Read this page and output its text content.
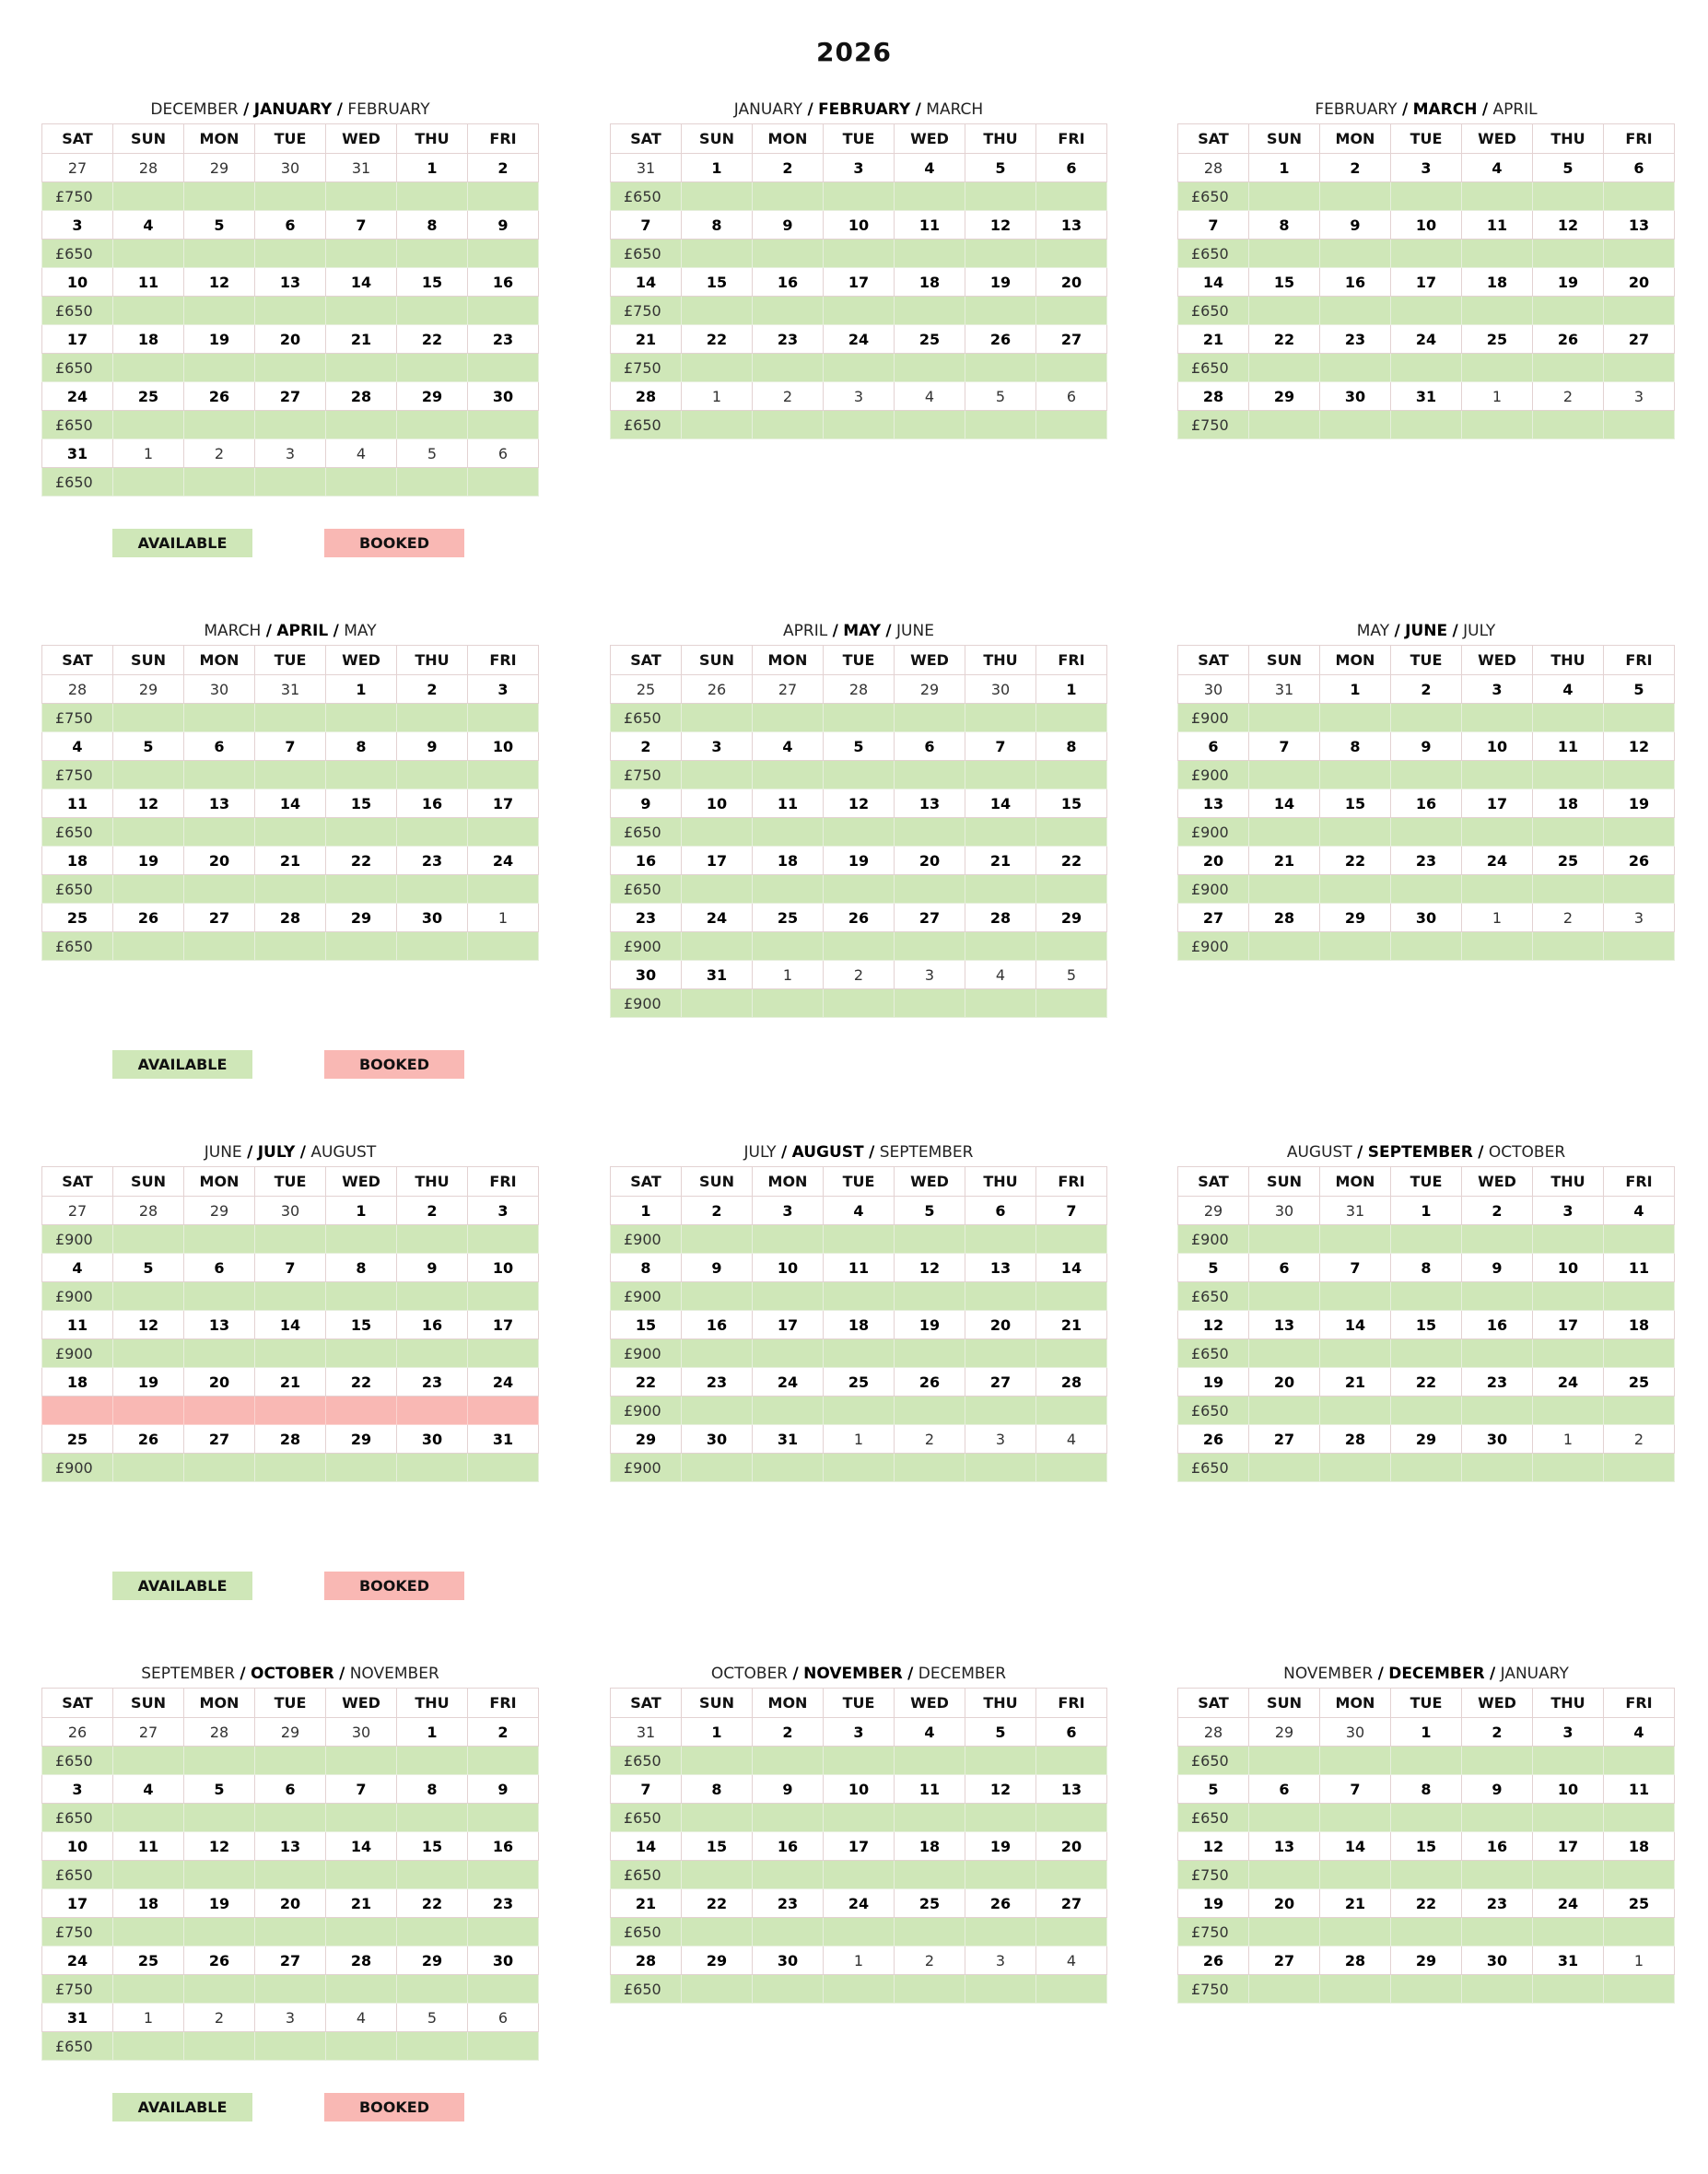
2026
DECEMBER / JANUARY / FEBRUARY
SAT	SUN	MON	TUE	WED	THU	FRI
27	28	29	30	31	1	2
£750						
3	4	5	6	7	8	9
£650						
10	11	12	13	14	15	16
£650						
17	18	19	20	21	22	23
£650						
24	25	26	27	28	29	30
£650						
31	1	2	3	4	5	6
£650						
JANUARY / FEBRUARY / MARCH
SAT	SUN	MON	TUE	WED	THU	FRI
31	1	2	3	4	5	6
£650						
7	8	9	10	11	12	13
£650						
14	15	16	17	18	19	20
£750						
21	22	23	24	25	26	27
£750						
28	1	2	3	4	5	6
£650						
FEBRUARY / MARCH / APRIL
SAT	SUN	MON	TUE	WED	THU	FRI
28	1	2	3	4	5	6
£650						
7	8	9	10	11	12	13
£650						
14	15	16	17	18	19	20
£650						
21	22	23	24	25	26	27
£650						
28	29	30	31	1	2	3
£750						
MARCH / APRIL / MAY
SAT	SUN	MON	TUE	WED	THU	FRI
28	29	30	31	1	2	3
£750						
4	5	6	7	8	9	10
£750						
11	12	13	14	15	16	17
£650						
18	19	20	21	22	23	24
£650						
25	26	27	28	29	30	1
£650						
APRIL / MAY / JUNE
SAT	SUN	MON	TUE	WED	THU	FRI
25	26	27	28	29	30	1
£650						
2	3	4	5	6	7	8
£750						
9	10	11	12	13	14	15
£650						
16	17	18	19	20	21	22
£650						
23	24	25	26	27	28	29
£900						
30	31	1	2	3	4	5
£900						
MAY / JUNE / JULY
SAT	SUN	MON	TUE	WED	THU	FRI
30	31	1	2	3	4	5
£900						
6	7	8	9	10	11	12
£900						
13	14	15	16	17	18	19
£900						
20	21	22	23	24	25	26
£900						
27	28	29	30	1	2	3
£900						
JUNE / JULY / AUGUST
SAT	SUN	MON	TUE	WED	THU	FRI
27	28	29	30	1	2	3
£900						
4	5	6	7	8	9	10
£900						
11	12	13	14	15	16	17
£900						
18	19	20	21	22	23	24

25	26	27	28	29	30	31
£900						
JULY / AUGUST / SEPTEMBER
SAT	SUN	MON	TUE	WED	THU	FRI
1	2	3	4	5	6	7
£900						
8	9	10	11	12	13	14
£900						
15	16	17	18	19	20	21
£900						
22	23	24	25	26	27	28
£900						
29	30	31	1	2	3	4
£900						
AUGUST / SEPTEMBER / OCTOBER
SAT	SUN	MON	TUE	WED	THU	FRI
29	30	31	1	2	3	4
£900						
5	6	7	8	9	10	11
£650						
12	13	14	15	16	17	18
£650						
19	20	21	22	23	24	25
£650						
26	27	28	29	30	1	2
£650						
SEPTEMBER / OCTOBER / NOVEMBER
SAT	SUN	MON	TUE	WED	THU	FRI
26	27	28	29	30	1	2
£650						
3	4	5	6	7	8	9
£650						
10	11	12	13	14	15	16
£650						
17	18	19	20	21	22	23
£750						
24	25	26	27	28	29	30
£750						
31	1	2	3	4	5	6
£650						
OCTOBER / NOVEMBER / DECEMBER
SAT	SUN	MON	TUE	WED	THU	FRI
31	1	2	3	4	5	6
£650						
7	8	9	10	11	12	13
£650						
14	15	16	17	18	19	20
£650						
21	22	23	24	25	26	27
£650						
28	29	30	1	2	3	4
£650						
NOVEMBER / DECEMBER / JANUARY
SAT	SUN	MON	TUE	WED	THU	FRI
28	29	30	1	2	3	4
£650						
5	6	7	8	9	10	11
£650						
12	13	14	15	16	17	18
£750						
19	20	21	22	23	24	25
£750						
26	27	28	29	30	31	1
£750						
AVAILABLE	BOOKED
AVAILABLE	BOOKED
AVAILABLE	BOOKED
AVAILABLE	BOOKED
